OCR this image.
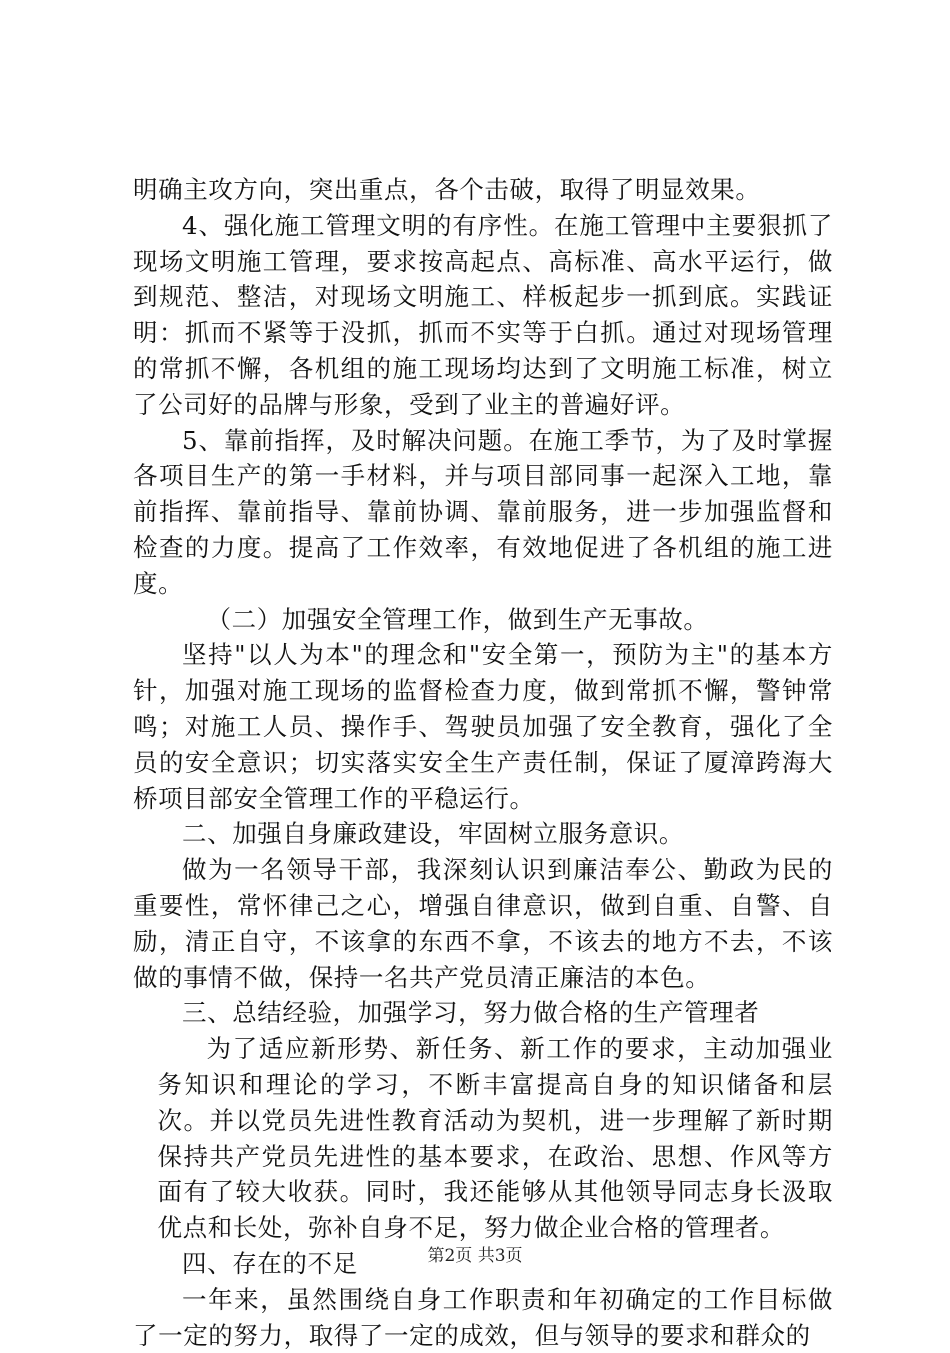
明确主攻方向，突出重点，各个击破，取得了明显效果。

4、强化施工管理文明的有序性。在施工管理中主要狠抓了现场文明施工管理，要求按高起点、高标准、高水平运行，做到规范、整洁，对现场文明施工、样板起步一抓到底。实践证明：抓而不紧等于没抓，抓而不实等于白抓。通过对现场管理的常抓不懈，各机组的施工现场均达到了文明施工标准，树立了公司好的品牌与形象，受到了业主的普遍好评。

5、靠前指挥，及时解决问题。在施工季节，为了及时掌握各项目生产的第一手材料，并与项目部同事一起深入工地，靠前指挥、靠前指导、靠前协调、靠前服务，进一步加强监督和检查的力度。提高了工作效率，有效地促进了各机组的施工进度。

（二）加强安全管理工作，做到生产无事故。

坚持"以人为本"的理念和"安全第一，预防为主"的基本方针，加强对施工现场的监督检查力度，做到常抓不懈，警钟常鸣；对施工人员、操作手、驾驶员加强了安全教育，强化了全员的安全意识；切实落实安全生产责任制，保证了厦漳跨海大桥项目部安全管理工作的平稳运行。

二、加强自身廉政建设，牢固树立服务意识。

做为一名领导干部，我深刻认识到廉洁奉公、勤政为民的重要性，常怀律己之心，增强自律意识，做到自重、自警、自励，清正自守，不该拿的东西不拿，不该去的地方不去，不该做的事情不做，保持一名共产党员清正廉洁的本色。

三、总结经验，加强学习，努力做合格的生产管理者

为了适应新形势、新任务、新工作的要求，主动加强业务知识和理论的学习，不断丰富提高自身的知识储备和层次。并以党员先进性教育活动为契机，进一步理解了新时期保持共产党员先进性的基本要求，在政治、思想、作风等方面有了较大收获。同时，我还能够从其他领导同志身长汲取优点和长处，弥补自身不足，努力做企业合格的管理者。

四、存在的不足

一年来，虽然围绕自身工作职责和年初确定的工作目标做了一定的努力，取得了一定的成效，但与领导的要求和群众的

第2页 共3页
